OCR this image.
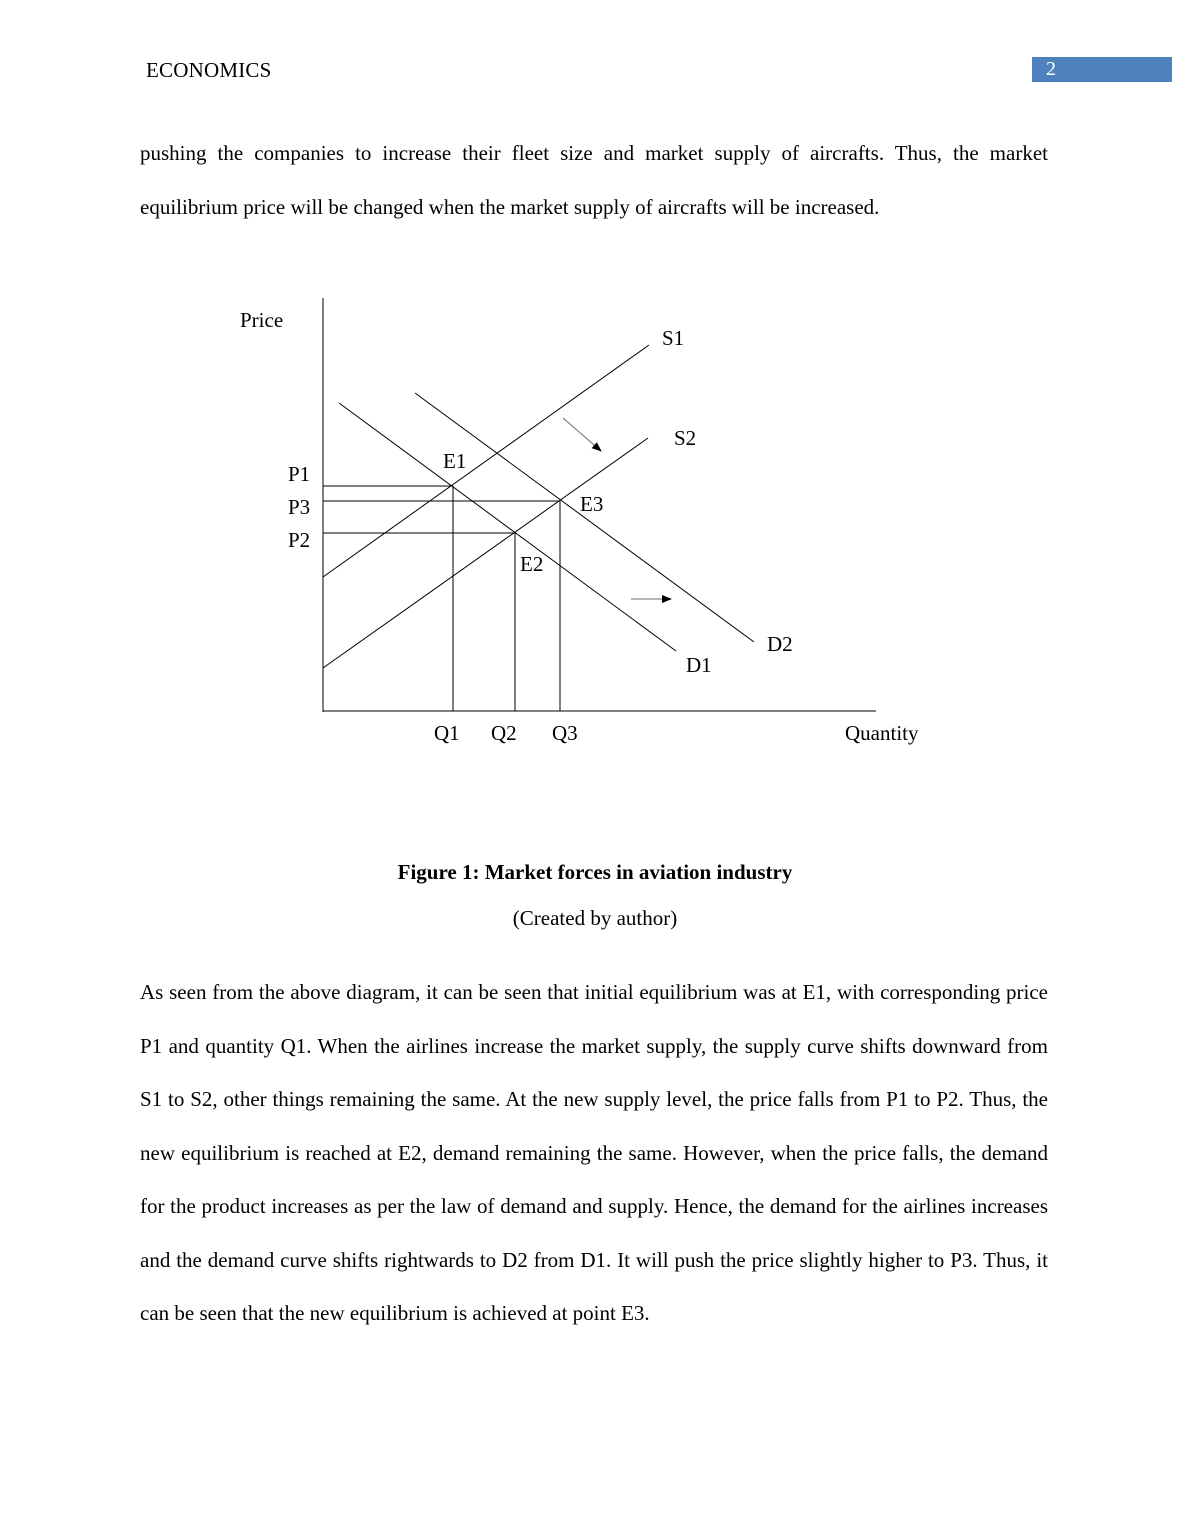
ECONOMICS	2

pushing the companies to increase their fleet size and market supply of aircrafts. Thus, the market equilibrium price will be changed when the market supply of aircrafts will be increased.

Price
Quantity
S1
S2
D2
D1
E1
E3
E2
P1
P3
P2
Q1 Q2 Q3

Figure 1: Market forces in aviation industry

(Created by author)

As seen from the above diagram, it can be seen that initial equilibrium was at E1, with corresponding price P1 and quantity Q1. When the airlines increase the market supply, the supply curve shifts downward from S1 to S2, other things remaining the same. At the new supply level, the price falls from P1 to P2. Thus, the new equilibrium is reached at E2, demand remaining the same. However, when the price falls, the demand for the product increases as per the law of demand and supply. Hence, the demand for the airlines increases and the demand curve shifts rightwards to D2 from D1. It will push the price slightly higher to P3. Thus, it can be seen that the new equilibrium is achieved at point E3.
